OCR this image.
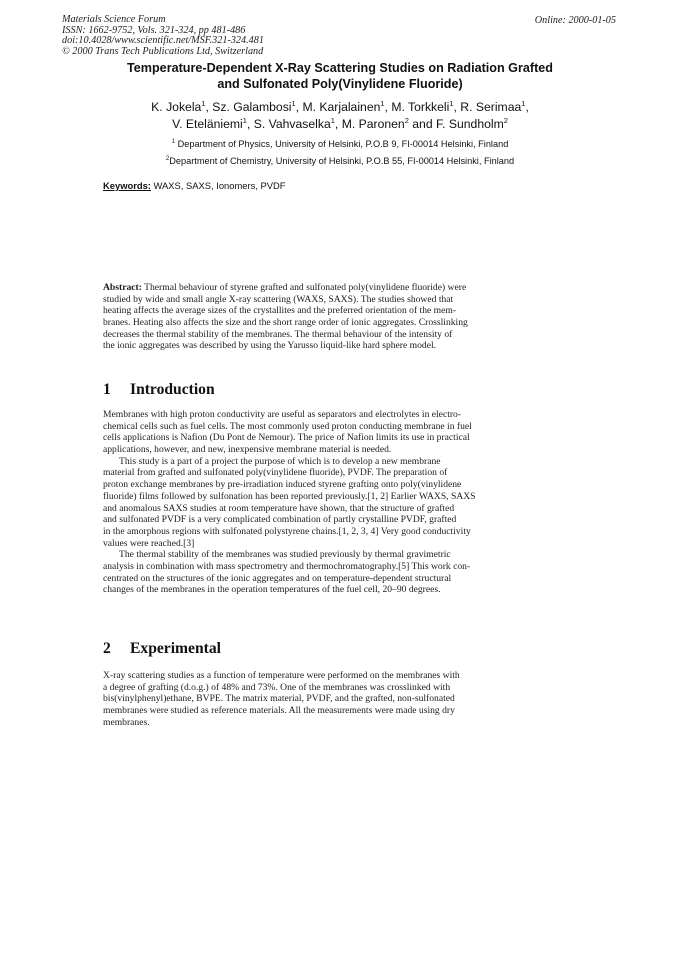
Materials Science Forum
ISSN: 1662-9752, Vols. 321-324, pp 481-486
doi:10.4028/www.scientific.net/MSF.321-324.481
© 2000 Trans Tech Publications Ltd, Switzerland
Online: 2000-01-05
Temperature-Dependent X-Ray Scattering Studies on Radiation Grafted
and Sulfonated Poly(Vinylidene Fluoride)
K. Jokela$^1$, Sz. Galambosi$^1$, M. Karjalainen$^1$, M. Torkkeli$^1$, R. Serimaa$^1$,
V. Eteläniemi$^1$, S. Vahvaselka$^1$, M. Paronen$^2$ and F. Sundholm$^2$
$^1$ Department of Physics, University of Helsinki, P.O.B 9, FI-00014 Helsinki, Finland
$^2$Department of Chemistry, University of Helsinki, P.O.B 55, FI-00014 Helsinki, Finland
Keywords: WAXS, SAXS, Ionomers, PVDF
Abstract: Thermal behaviour of styrene grafted and sulfonated poly(vinylidene fluoride) were
studied by wide and small angle X-ray scattering (WAXS, SAXS). The studies showed that
heating affects the average sizes of the crystallites and the preferred orientation of the mem-
branes. Heating also affects the size and the short range order of ionic aggregates. Crosslinking
decreases the thermal stability of the membranes. The thermal behaviour of the intensity of
the ionic aggregates was described by using the Yarusso liquid-like hard sphere model.
1 Introduction
Membranes with high proton conductivity are useful as separators and electrolytes in electro-
chemical cells such as fuel cells. The most commonly used proton conducting membrane in fuel
cells applications is Nafion (Du Pont de Nemour). The price of Nafion limits its use in practical
applications, however, and new, inexpensive membrane material is needed.
This study is a part of a project the purpose of which is to develop a new membrane
material from grafted and sulfonated poly(vinylidene fluoride), PVDF. The preparation of
proton exchange membranes by pre-irradiation induced styrene grafting onto poly(vinylidene
fluoride) films followed by sulfonation has been reported previously.[1, 2] Earlier WAXS, SAXS
and anomalous SAXS studies at room temperature have shown, that the structure of grafted
and sulfonated PVDF is a very complicated combination of partly crystalline PVDF, grafted
in the amorphous regions with sulfonated polystyrene chains.[1, 2, 3, 4] Very good conductivity
values were reached.[3]
The thermal stability of the membranes was studied previously by thermal gravimetric
analysis in combination with mass spectrometry and thermochromatography.[5] This work con-
centrated on the structures of the ionic aggregates and on temperature-dependent structural
changes of the membranes in the operation temperatures of the fuel cell, 20–90 degrees.
2 Experimental
X-ray scattering studies as a function of temperature were performed on the membranes with
a degree of grafting (d.o.g.) of 48% and 73%. One of the membranes was crosslinked with
bis(vinylphenyl)ethane, BVPE. The matrix material, PVDF, and the grafted, non-sulfonated
membranes were studied as reference materials. All the measurements were made using dry
membranes.
